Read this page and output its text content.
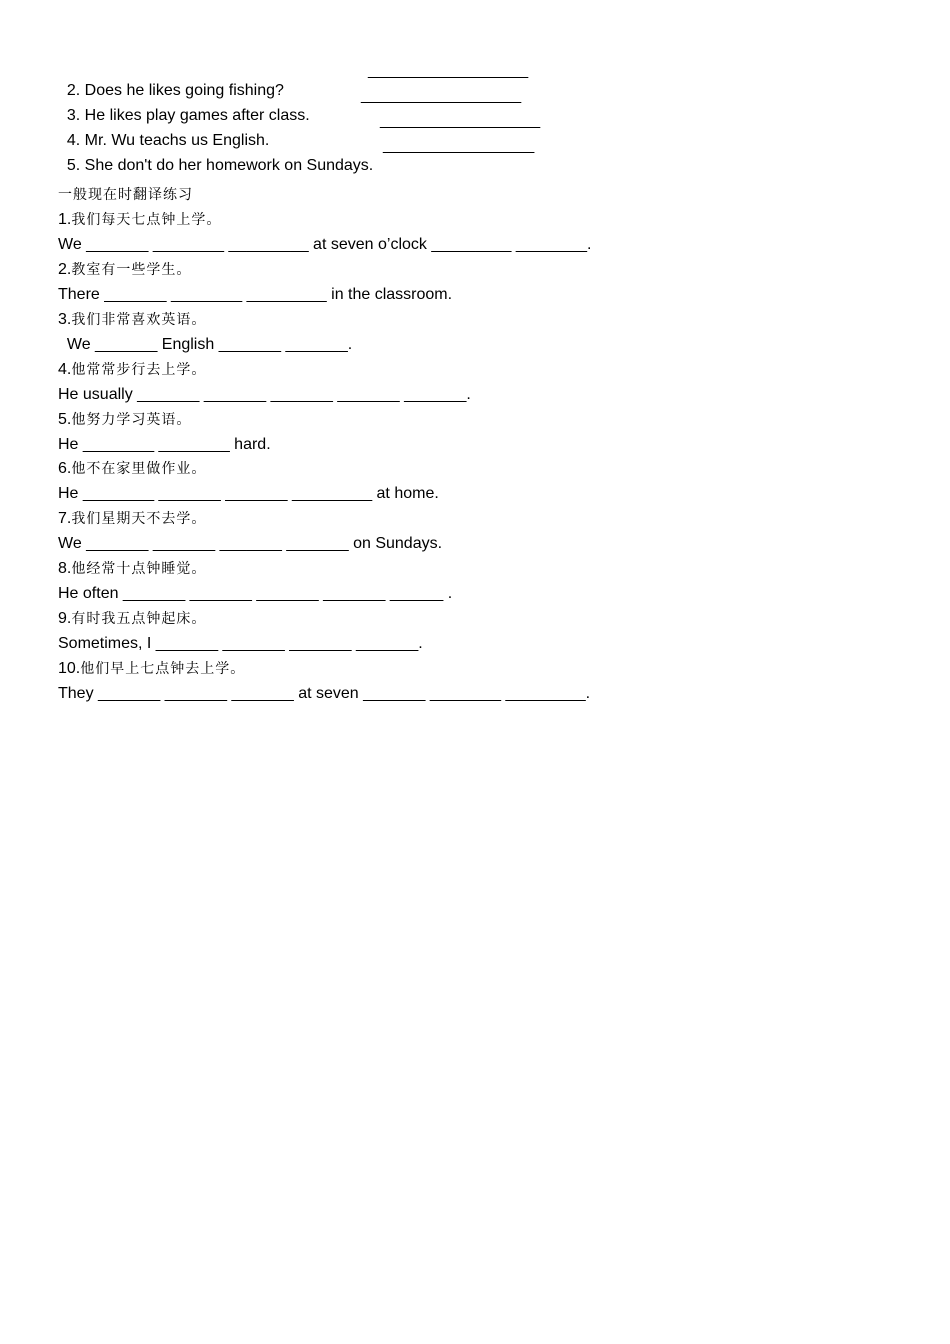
2. Does he likes going fishing?

__________________

3. He likes play games after class.

__________________

4. Mr. Wu teachs us English.

__________________

5. She don't do her homework on Sundays.

_________________

一般现在时翻译练习
1.我们每天七点钟上学。
We _______ ________ _________ at seven o’clock _________ ________.
2.教室有一些学生。
There _______ ________ _________ in the classroom.
3.我们非常喜欢英语。
We _______ English _______ _______.
4.他常常步行去上学。
He usually _______ _______ _______ _______ _______.
5.他努力学习英语。
He ________ ________ hard.
6.他不在家里做作业。
He ________ _______ _______ _________ at home.
7.我们星期天不去学。
We _______ _______ _______ _______ on Sundays.
8.他经常十点钟睡觉。
He often _______ _______ _______ _______ ______ .
9.有时我五点钟起床。
Sometimes, I _______ _______ _______ _______.
10.他们早上七点钟去上学。
They _______ _______ _______ at seven _______ ________ _________.
